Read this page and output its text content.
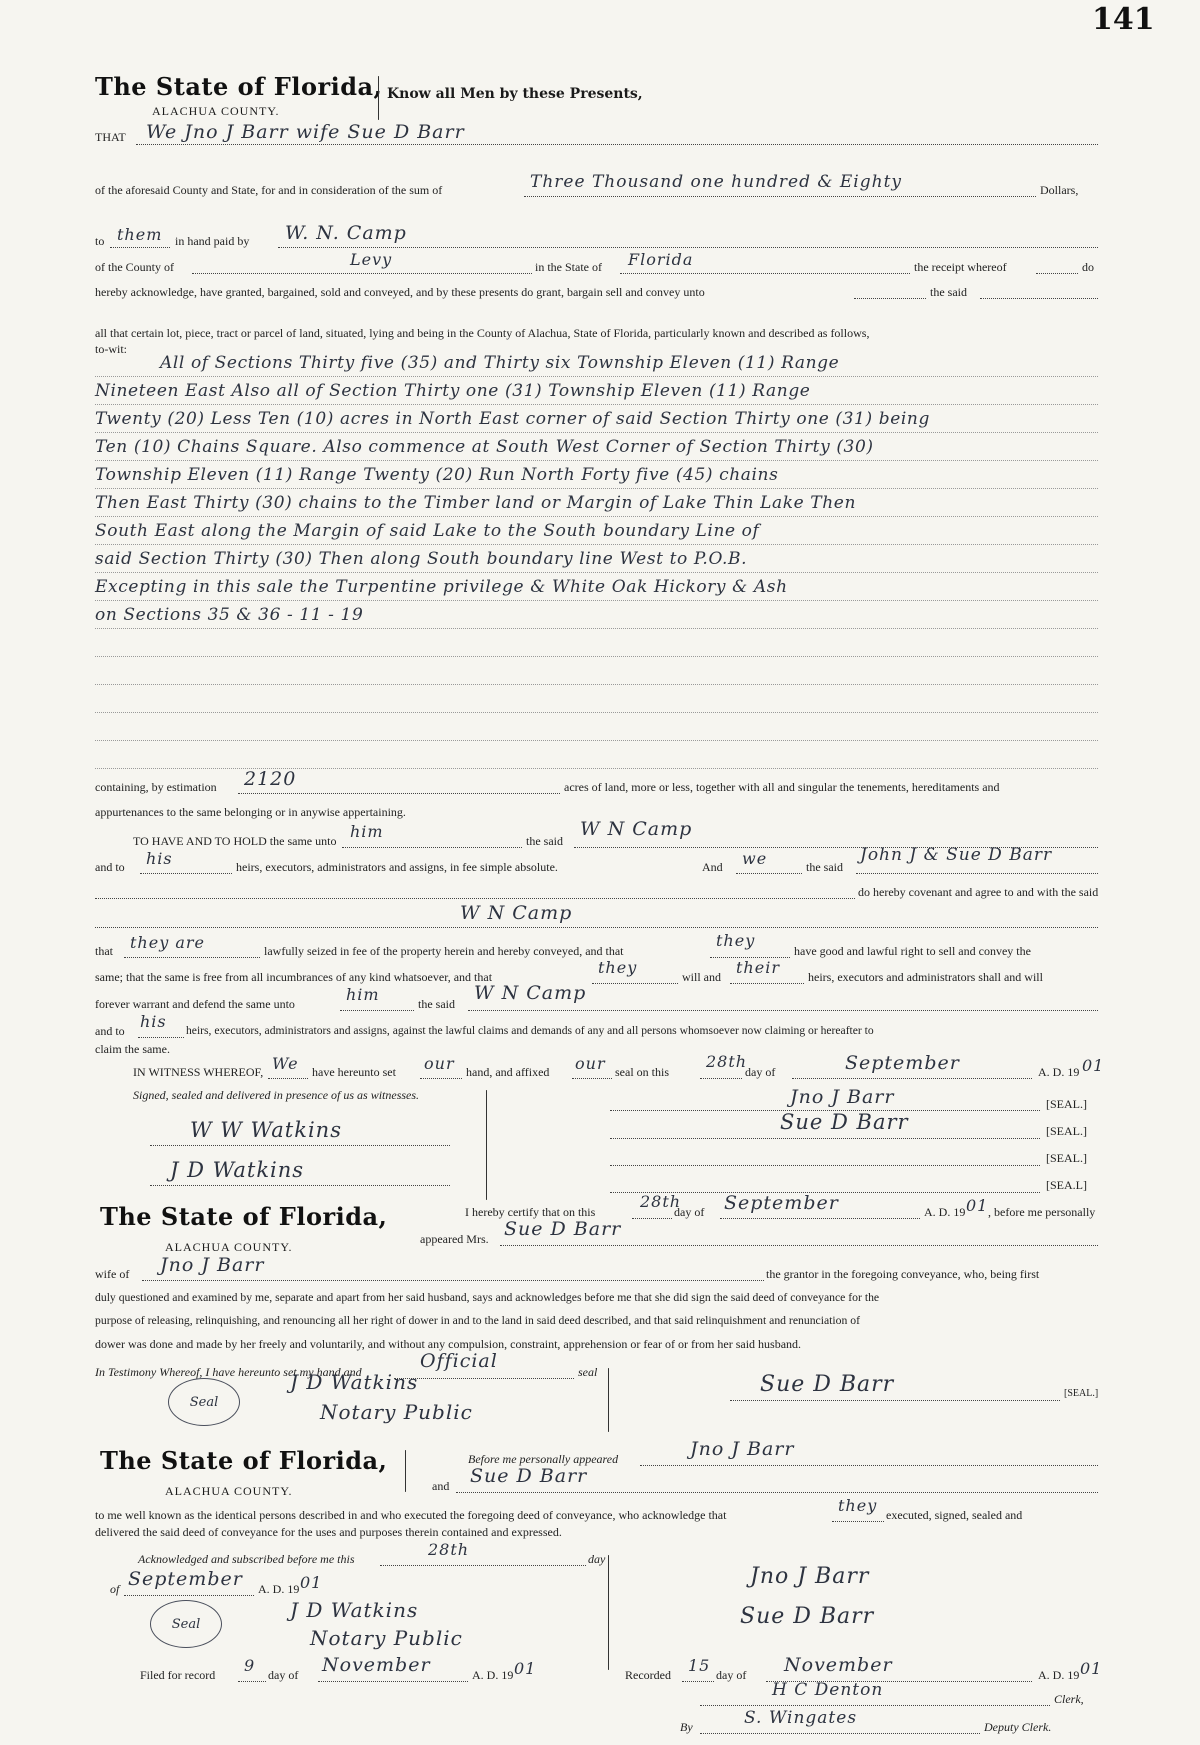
141
The State of Florida, Know all Men by these Presents,
ALACHUA COUNTY.
THAT We Jno J Barr wife Sue D Barr
of the aforesaid County and State, for and in consideration of the sum of	Three Thousand one hundred & Eighty	Dollars,
to them in hand paid by W. N. Camp
of the County of	Levy	in the State of Florida	the receipt whereof	do
hereby acknowledge, have granted, bargained, sold and conveyed, and by these presents do grant, bargain sell and convey unto	the said
all that certain lot, piece, tract or parcel of land, situated, lying and being in the County of Alachua, State of Florida, particularly known and described as follows,
to-wit:
All of Sections Thirty five (35) and Thirty six Township Eleven (11) Range
Nineteen East Also all of Section Thirty one (31) Township Eleven (11) Range
Twenty (20) Less Ten (10) acres in North East corner of said Section Thirty one (31) being
Ten (10) Chains Square. Also commence at South West Corner of Section Thirty (30)
Township Eleven (11) Range Twenty (20) Run North Forty five (45) chains
Then East Thirty (30) chains to the Timber land or Margin of Lake Thin Lake Then
South East along the Margin of said Lake to the South boundary Line of
said Section Thirty (30) Then along South boundary line West to P.O.B.
Excepting in this sale the Turpentine privilege & White Oak Hickory & Ash
on Sections 35 & 36 - 11 - 19
containing, by estimation 2120	acres of land, more or less, together with all and singular the tenements, hereditaments and
appurtenances to the same belonging or in anywise appertaining.
TO HAVE AND TO HOLD the same unto him	the said
W N Camp
and to his	heirs, executors, administrators and assigns, in fee simple absolute.	And we	the said
John J & Sue D Barr
do hereby covenant and agree to and with the said
W N Camp
that they are	lawfully seized in fee of the property herein and hereby conveyed, and that
they
have good and lawful right to sell and convey the
same; that the same is free from all incumbrances of any kind whatsoever, and that	they	will and their heirs, executors and administrators shall and will
forever warrant and defend the same unto	him	the said W N Camp
and to his heirs, executors, administrators and assigns, against the lawful claims and demands of any and all persons whomsoever now claiming or hereafter to
claim the same.
IN WITNESS WHEREOF, We have hereunto set our hand, and affixed our seal on this
28th
day of	September	A. D. 19 01
Signed, sealed and delivered in presence of us as witnesses.
W W Watkins
J D Watkins
Jno J Barr	[SEAL.]
Sue D Barr	[SEAL.]
[SEAL.]
[SEA.L]
The State of Florida,
ALACHUA COUNTY.
I hereby certify that on this
28th
day of September	A. D. 19 01 , before me personally
appeared Mrs. Sue D Barr
wife of Jno J Barr	the grantor in the foregoing conveyance, who, being first
duly questioned and examined by me, separate and apart from her said husband, says and acknowledges before me that she did sign the said deed of conveyance for the
purpose of releasing, relinquishing, and renouncing all her right of dower in and to the land in said deed described, and that said relinquishment and renunciation of
dower was done and made by her freely and voluntarily, and without any compulsion, constraint, apprehension or fear of or from her said husband.
In Testimony Whereof, I have hereunto set my hand and	Official	seal
Seal
J D Watkins
Notary Public
Sue D Barr	[SEAL.]
The State of Florida,
ALACHUA COUNTY.
Before me personally appeared	Jno J Barr
and Sue D Barr
to me well known as the identical persons described in and who executed the foregoing deed of conveyance, who acknowledge that	they executed, signed, sealed and
delivered the said deed of conveyance for the uses and purposes therein contained and expressed.
Acknowledged and subscribed before me this	28th	day
of September A. D. 19 01
Seal
J D Watkins
Notary Public
Jno J Barr
Sue D Barr
Filed for record 9 day of November	A. D. 19 01	Recorded 15 day of November	A. D. 19 01
H C Denton	Clerk,
By	S. Wingates	Deputy Clerk.
